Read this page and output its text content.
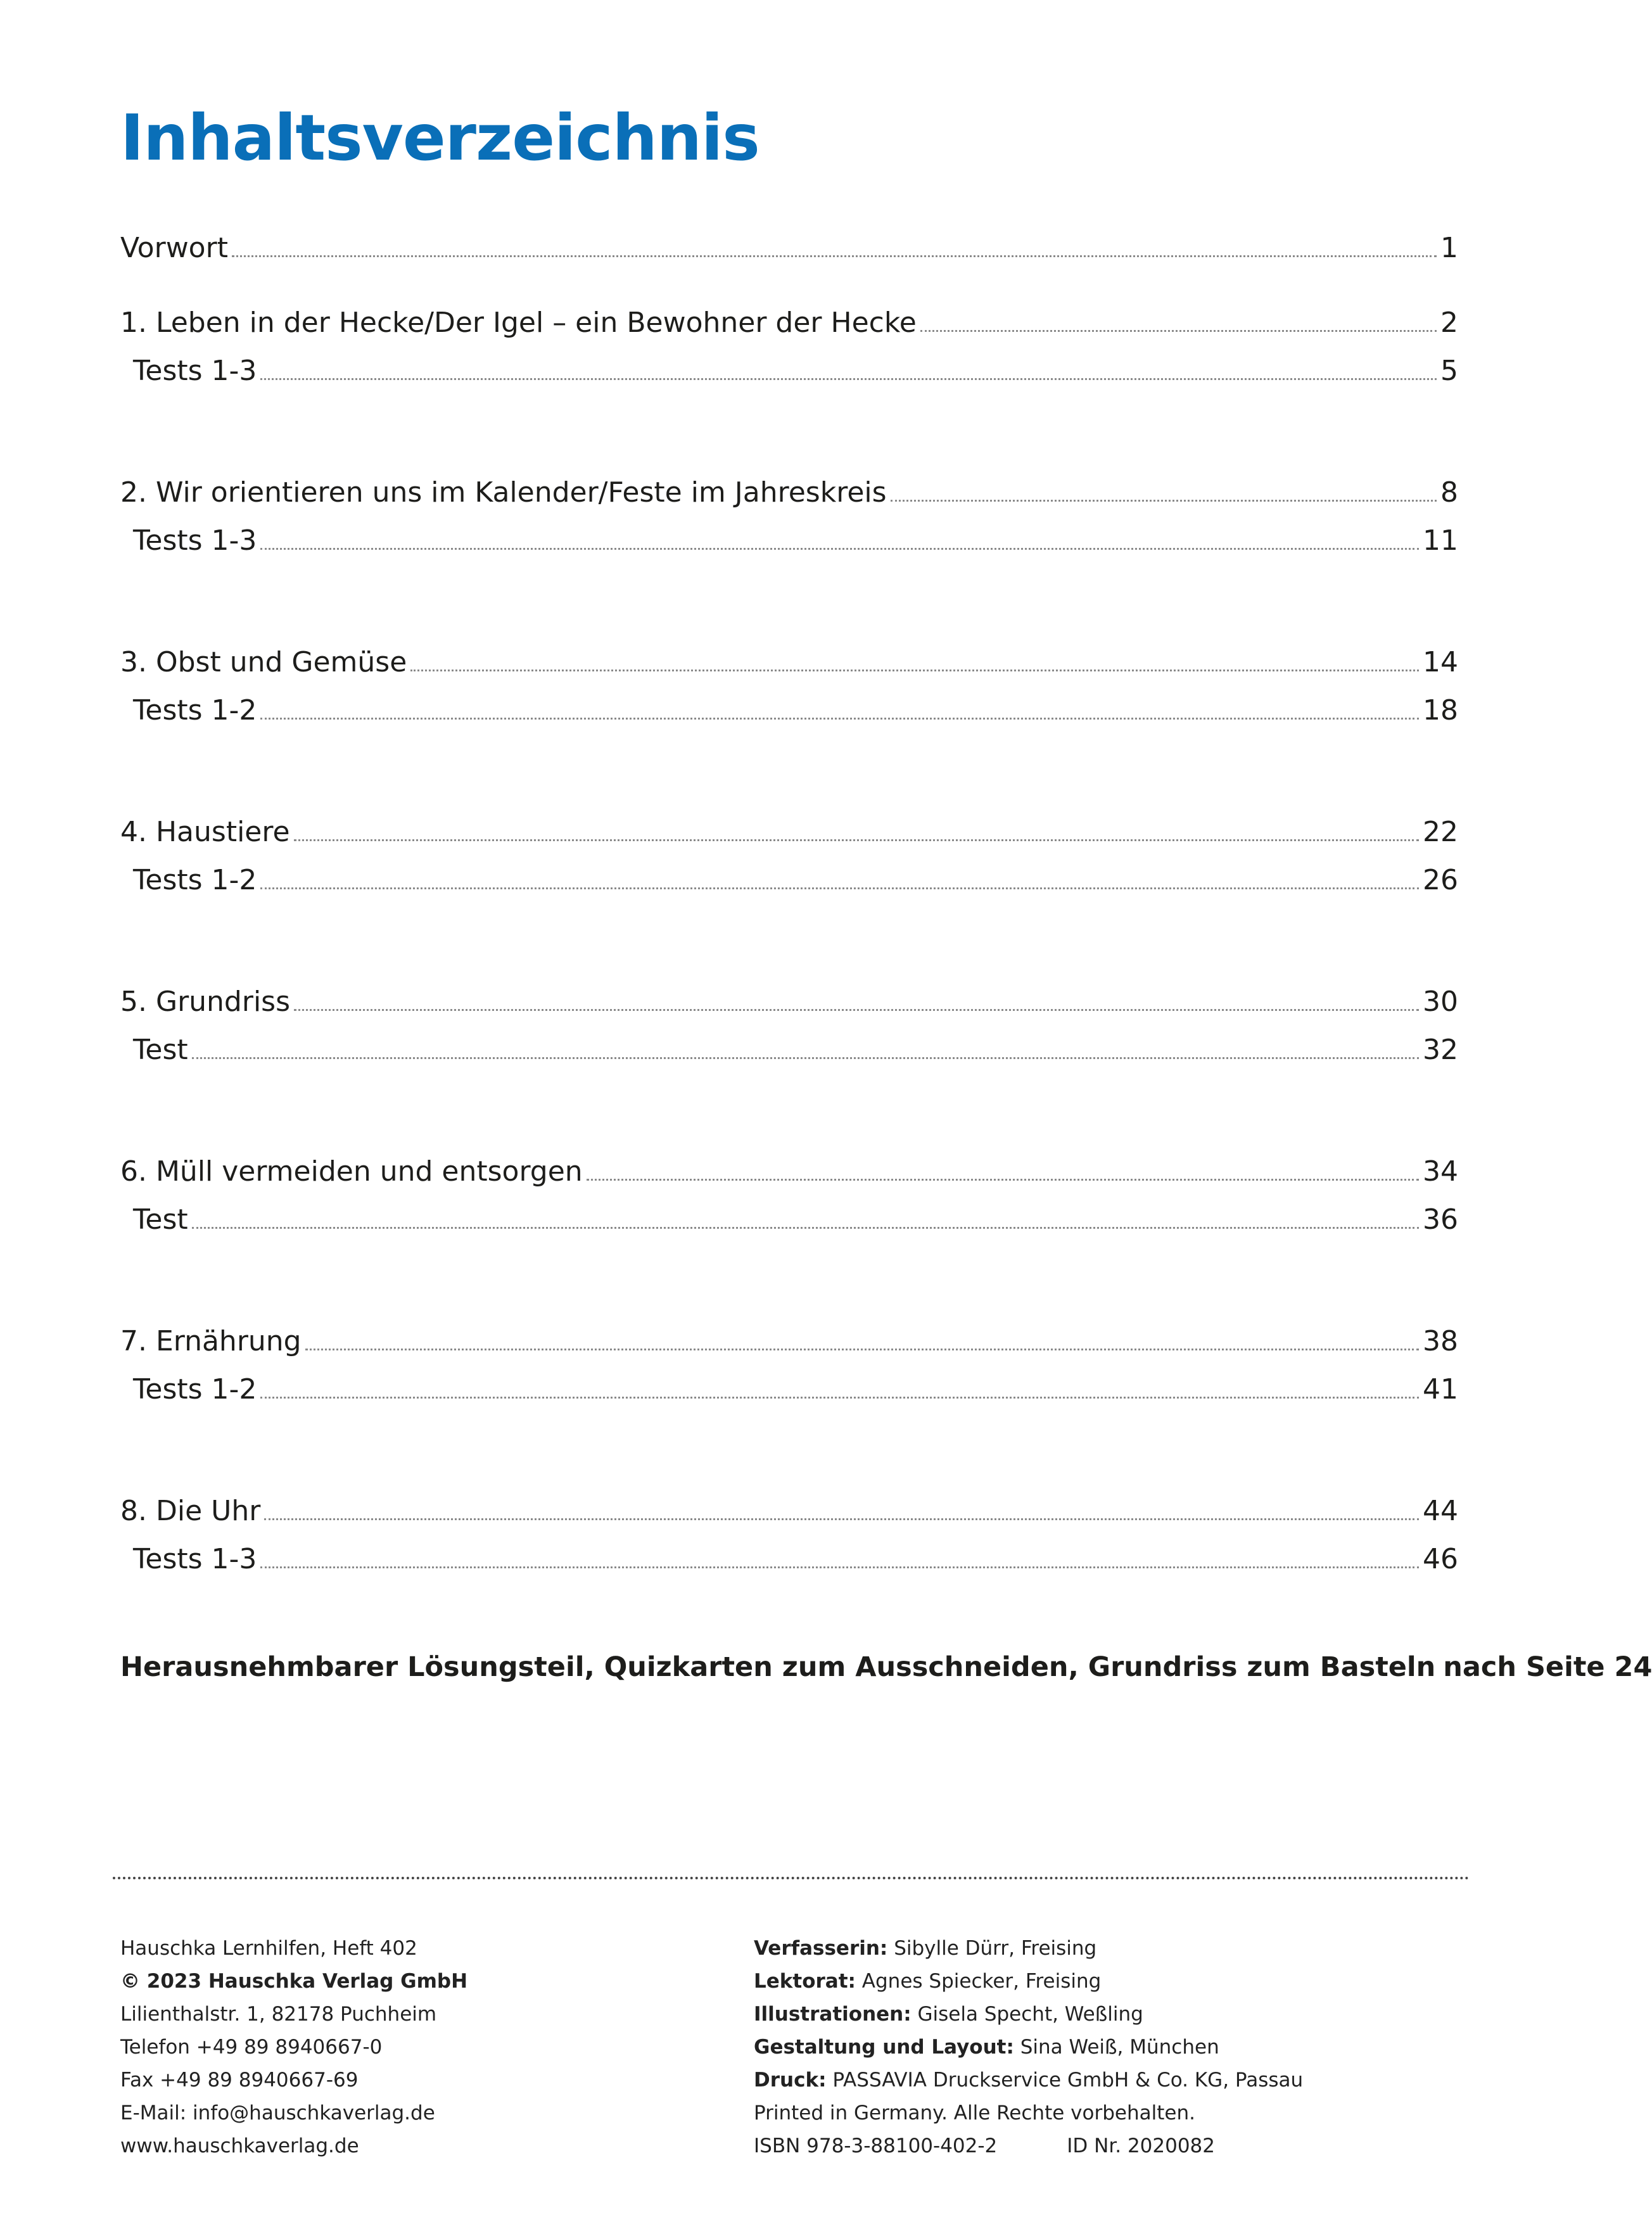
Inhaltsverzeichnis
Vorwort	1
1. Leben in der Hecke/Der Igel – ein Bewohner der Hecke	2
Tests 1-3	5
2. Wir orientieren uns im Kalender/Feste im Jahreskreis	8
Tests 1-3	11
3. Obst und Gemüse	14
Tests 1-2	18
4. Haustiere	22
Tests 1-2	26
5. Grundriss	30
Test	32
6. Müll vermeiden und entsorgen	34
Test	36
7. Ernährung	38
Tests 1-2	41
8. Die Uhr	44
Tests 1-3	46
Herausnehmbarer Lösungsteil, Quizkarten zum Ausschneiden, Grundriss zum Basteln nach Seite 24
Hauschka Lernhilfen, Heft 402
© 2023 Hauschka Verlag GmbH
Lilienthalstr. 1, 82178 Puchheim
Telefon +49 89 8940667-0
Fax +49 89 8940667-69
E-Mail: info@hauschkaverlag.de
www.hauschkaverlag.de
Verfasserin: Sibylle Dürr, Freising
Lektorat: Agnes Spiecker, Freising
Illustrationen: Gisela Specht, Weßling
Gestaltung und Layout: Sina Weiß, München
Druck: PASSAVIA Druckservice GmbH & Co. KG, Passau
Printed in Germany. Alle Rechte vorbehalten.
ISBN 978-3-88100-402-2	ID Nr. 2020082
